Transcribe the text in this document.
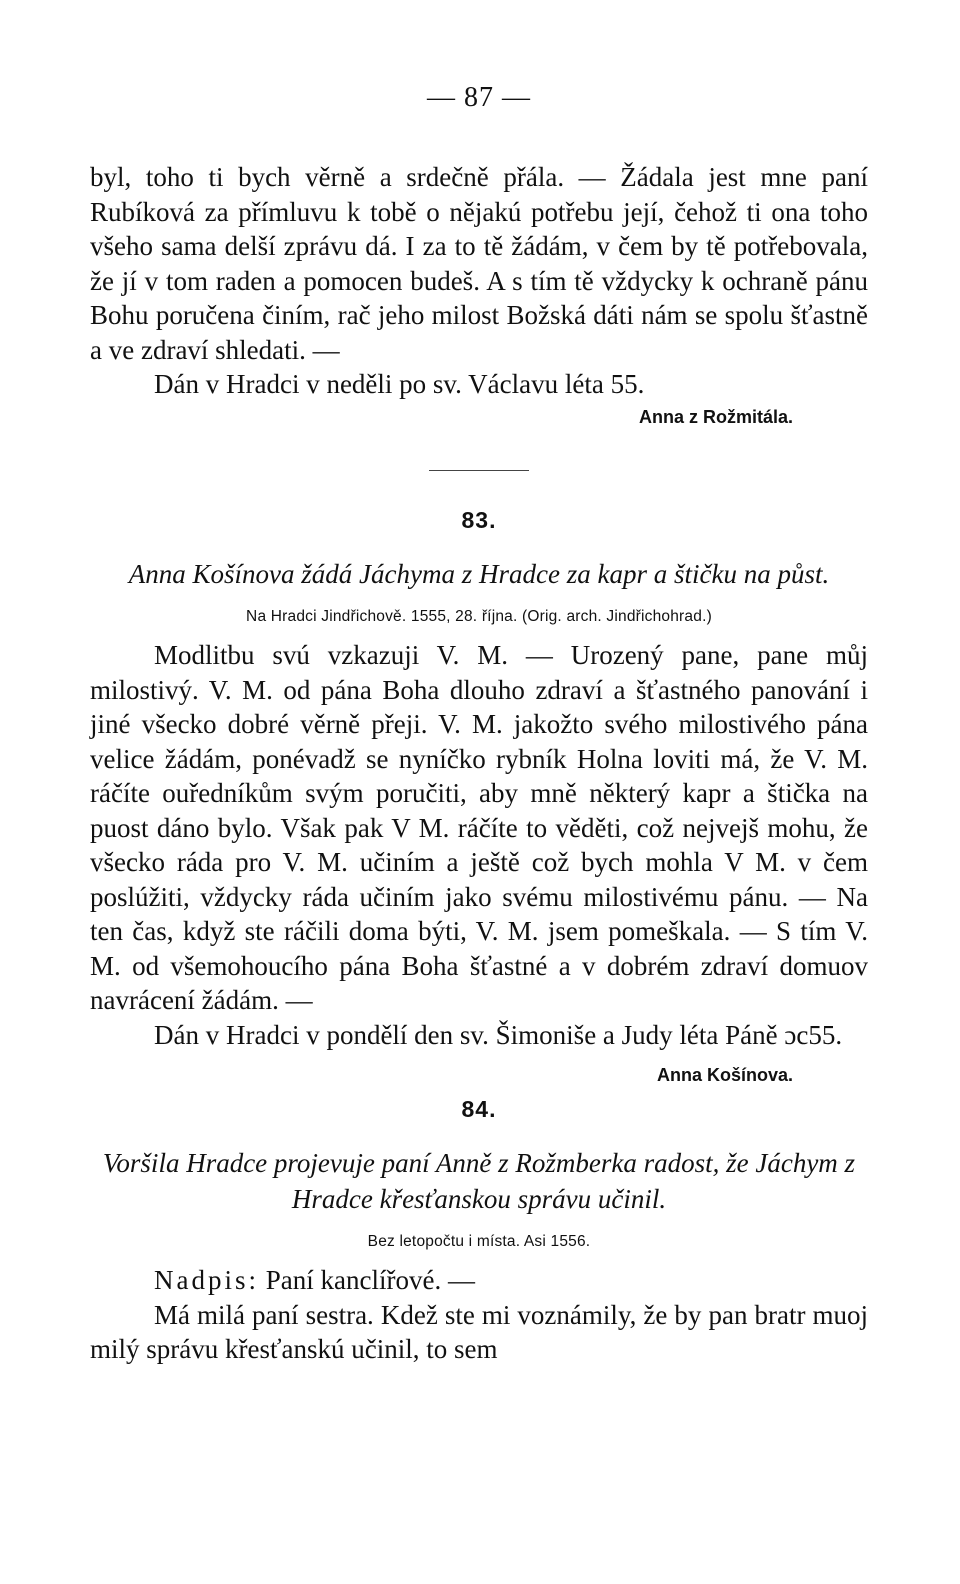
— 87 —

byl, toho ti bych věrně a srdečně přála. — Žádala jest mne paní Rubíková za přímluvu k tobě o nějakú potřebu její, čehož ti ona toho všeho sama delší zprávu dá. I za to tě žádám, v čem by tě potřebovala, že jí v tom raden a pomocen budeš. A s tím tě vždycky k ochraně pánu Bohu poručena činím, rač jeho milost Božská dáti nám se spolu šťastně a ve zdraví shledati. —

Dán v Hradci v neděli po sv. Václavu léta 55.

Anna z Rožmitála.
83.
Anna Košínova žádá Jáchyma z Hradce za kapr a štičku na půst.
Na Hradci Jindřichově. 1555, 28. října. (Orig. arch. Jindřichohrad.)

Modlitbu svú vzkazuji V. M. — Urozený pane, pane můj milostivý. V. M. od pána Boha dlouho zdraví a šťastného panování i jiné všecko dobré věrně přeji. V. M. jakožto svého milostivého pána velice žádám, ponévadž se nyníčko rybník Holna loviti má, že V. M. ráčíte ouředníkům svým poručiti, aby mně některý kapr a štička na puost dáno bylo. Však pak V M. ráčíte to věděti, což nejvejš mohu, že všecko ráda pro V. M. učiním a ještě což bych mohla V M. v čem poslúžiti, vždycky ráda učiním jako svému milostivému pánu. — Na ten čas, když ste ráčili doma býti, V. M. jsem pomeškala. — S tím V. M. od všemohoucího pána Boha šťastné a v dobrém zdraví domuov navrácení žádám. —

Dán v Hradci v pondělí den sv. Šimoniše a Judy léta Páně ɔc55.
Anna Košínova.

84.
Voršila Hradce projevuje paní Anně z Rožmberka radost, že Jáchym z Hradce křesťanskou správu učinil.
Bez letopočtu i místa. Asi 1556.

Nadpis: Paní kanclířové. —

Má milá paní sestra. Kdež ste mi voznámily, že by pan bratr muoj milý správu křesťanskú učinil, to sem
